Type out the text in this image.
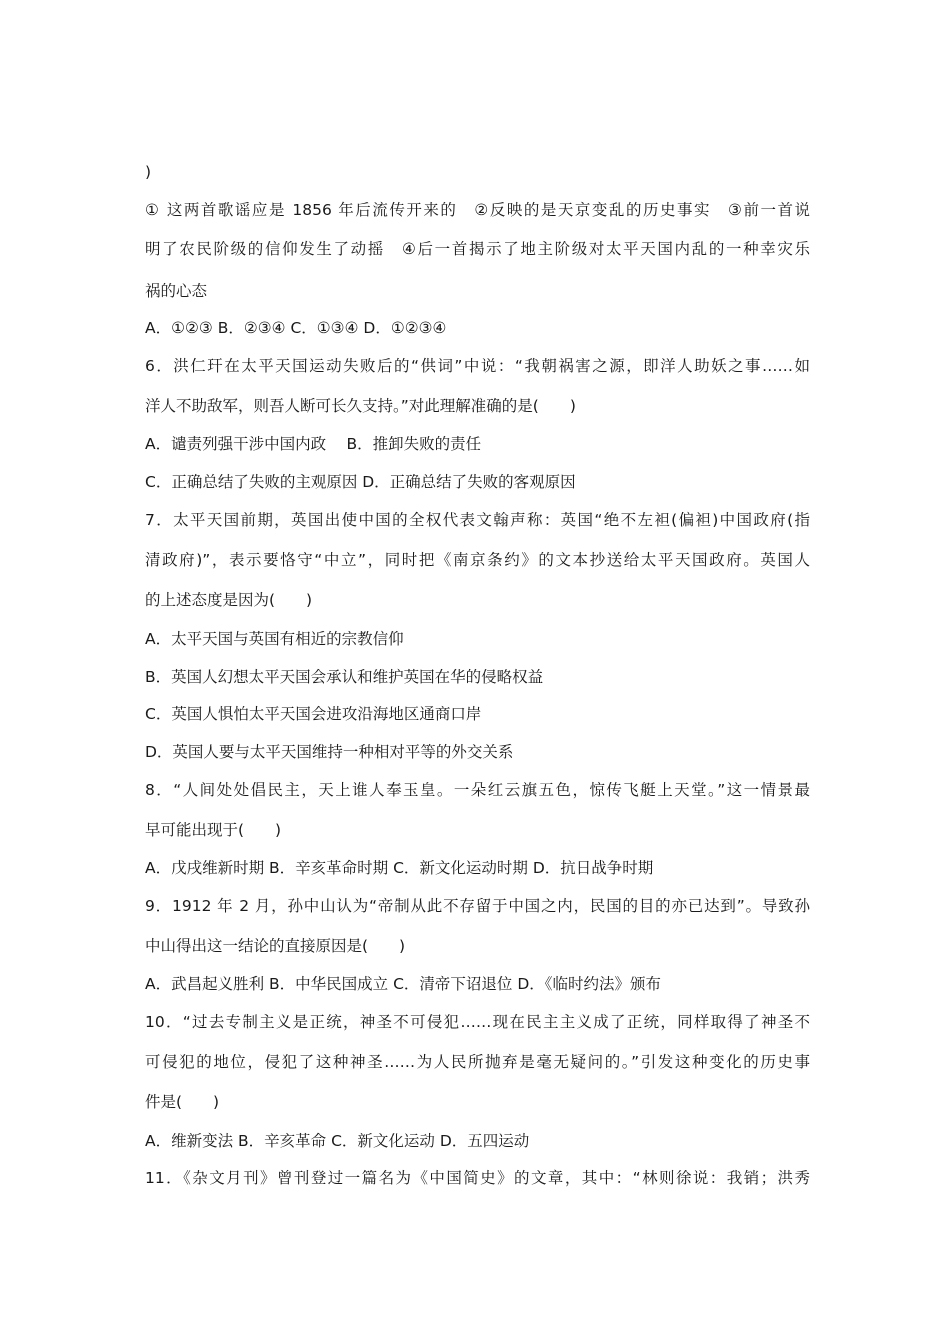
)
① 这两首歌谣应是 1856 年后流传开来的　②反映的是天京变乱的历史事实　③前一首说
明了农民阶级的信仰发生了动摇　④后一首揭示了地主阶级对太平天国内乱的一种幸灾乐
祸的心态
A．①②③ B．②③④ C．①③④ D．①②③④
6．洪仁玕在太平天国运动失败后的“供词”中说：“我朝祸害之源，即洋人助妖之事……如
洋人不助敌军，则吾人断可长久支持。”对此理解准确的是(　　)
A．谴责列强干涉中国内政　 B．推卸失败的责任
C．正确总结了失败的主观原因 D．正确总结了失败的客观原因
7．太平天国前期，英国出使中国的全权代表文翰声称：英国“绝不左袒(偏袒)中国政府(指
清政府)”，表示要恪守“中立”，同时把《南京条约》的文本抄送给太平天国政府。英国人
的上述态度是因为(　　)
A．太平天国与英国有相近的宗教信仰
B．英国人幻想太平天国会承认和维护英国在华的侵略权益
C．英国人惧怕太平天国会进攻沿海地区通商口岸
D．英国人要与太平天国维持一种相对平等的外交关系
8．“人间处处倡民主，天上谁人奉玉皇。一朵红云旗五色，惊传飞艇上天堂。”这一情景最
早可能出现于(　　)
A．戊戌维新时期 B．辛亥革命时期 C．新文化运动时期 D．抗日战争时期
9．1912 年 2 月，孙中山认为“帝制从此不存留于中国之内，民国的目的亦已达到”。导致孙
中山得出这一结论的直接原因是(　　)
A．武昌起义胜利 B．中华民国成立 C．清帝下诏退位 D．《临时约法》颁布
10．“过去专制主义是正统，神圣不可侵犯……现在民主主义成了正统，同样取得了神圣不
可侵犯的地位，侵犯了这种神圣……为人民所抛弃是毫无疑问的。”引发这种变化的历史事
件是(　　)
A．维新变法 B．辛亥革命 C．新文化运动 D．五四运动
11．《杂文月刊》曾刊登过一篇名为《中国简史》的文章，其中：“林则徐说：我销；洪秀
